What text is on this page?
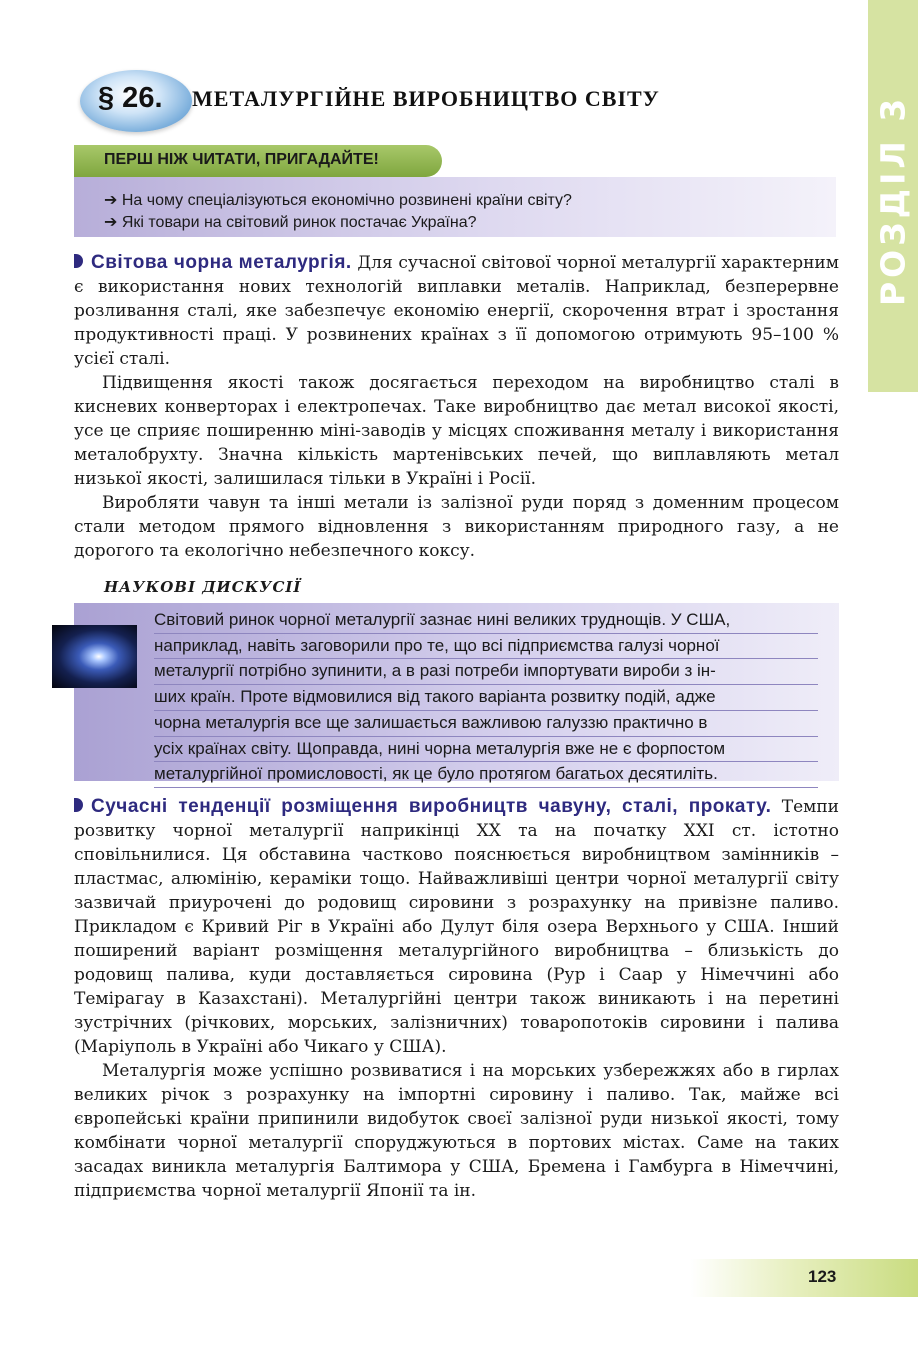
РОЗДІЛ 3
§ 26. МЕТАЛУРГІЙНЕ ВИРОБНИЦТВО СВІТУ
ПЕРШ НІЖ ЧИТАТИ, ПРИГАДАЙТЕ!
➔ На чому спеціалізуються економічно розвинені країни світу?
➔ Які товари на світовий ринок постачає Україна?

Світова чорна металургія. Для сучасної світової чорної металургії характерним є використання нових технологій виплавки металів. Наприклад, безперервне розливання сталі, яке забезпечує економію енергії, скорочення втрат і зростання продуктивності праці. У розвинених країнах з її допомогою отримують 95–100 % усієї сталі.

Підвищення якості також досягається переходом на виробництво сталі в кисневих конверторах і електропечах. Таке виробництво дає метал високої якості, усе це сприяє поширенню міні-заводів у місцях споживання металу і використання металобрухту. Значна кількість мартенівських печей, що виплавляють метал низької якості, залишилася тільки в Україні і Росії.

Виробляти чавун та інші метали із залізної руди поряд з доменним процесом стали методом прямого відновлення з використанням природного газу, а не дорогого та екологічно небезпечного коксу.

НАУКОВІ ДИСКУСІЇ
Світовий ринок чорної металургії зазнає нині великих труднощів. У США,
наприклад, навіть заговорили про те, що всі підприємства галузі чорної
металургії потрібно зупинити, а в разі потреби імпортувати вироби з ін-
ших країн. Проте відмовилися від такого варіанта розвитку подій, адже
чорна металургія все ще залишається важливою галуззю практично в
усіх країнах світу. Щоправда, нині чорна металургія вже не є форпостом
металургійної промисловості, як це було протягом багатьох десятиліть.

Сучасні тенденції розміщення виробництв чавуну, сталі, прокату. Темпи розвитку чорної металургії наприкінці XX та на початку XXI ст. істотно сповільнилися. Ця обставина частково пояснюється виробництвом замінників – пластмас, алюмінію, кераміки тощо. Найважливіші центри чорної металургії світу зазвичай приурочені до родовищ сировини з розрахунку на привізне паливо. Прикладом є Кривий Ріг в Україні або Дулут біля озера Верхнього у США. Інший поширений варіант розміщення металургійного виробництва – близькість до родовищ палива, куди доставляється сировина (Рур і Саар у Німеччині або Темірагау в Казахстані). Металургійні центри також виникають і на перетині зустрічних (річкових, морських, залізничних) товаропотоків сировини і палива (Маріуполь в Україні або Чикаго у США).

Металургія може успішно розвиватися і на морських узбережжях або в гирлах великих річок з розрахунку на імпортні сировину і паливо. Так, майже всі європейські країни припинили видобуток своєї залізної руди низької якості, тому комбінати чорної металургії споруджуються в портових містах. Саме на таких засадах виникла металургія Балтимора у США, Бремена і Гамбурга в Німеччині, підприємства чорної металургії Японії та ін.

123
